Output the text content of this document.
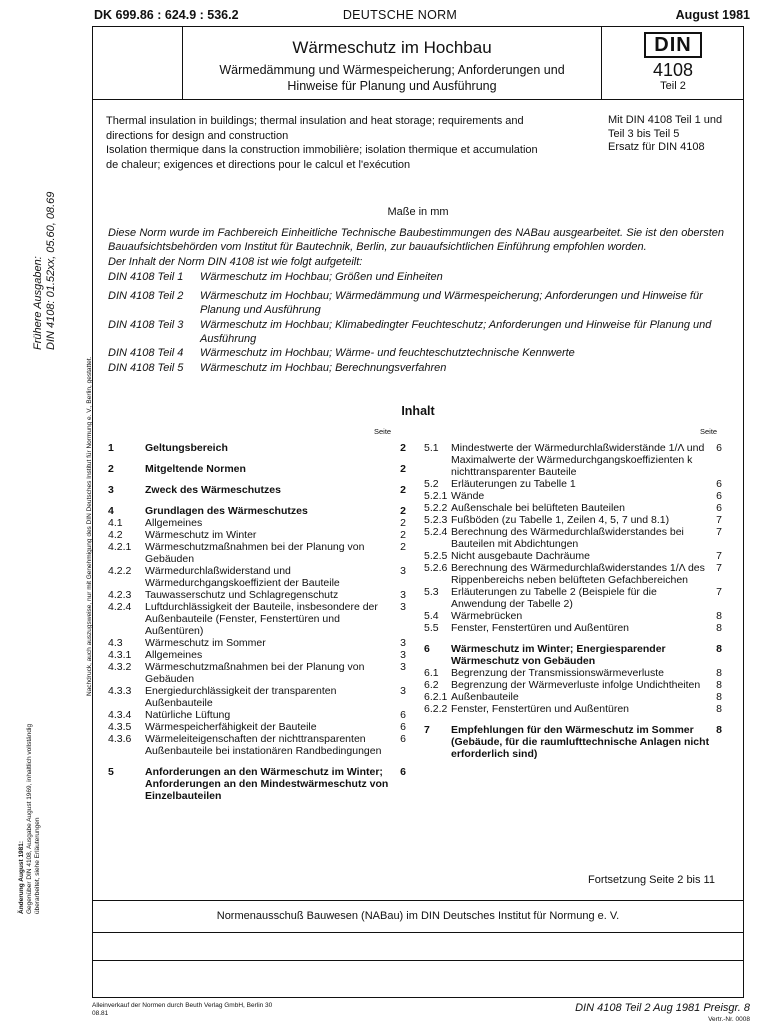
DK 699.86 : 624.9 : 536.2	DEUTSCHE NORM	August 1981
Wärmeschutz im Hochbau
Wärmedämmung und Wärmespeicherung; Anforderungen und
Hinweise für Planung und Ausführung
DIN
4108
Teil 2
Thermal insulation in buildings; thermal insulation and heat storage; requirements and
directions for design and construction
Isolation thermique dans la construction immobilière; isolation thermique et accumulation
de chaleur; exigences et directions pour le calcul et l'exécution
Mit DIN 4108 Teil 1 und
Teil 3 bis Teil 5
Ersatz für DIN 4108
Maße in mm
Diese Norm wurde im Fachbereich Einheitliche Technische Baubestimmungen des NABau ausgearbeitet. Sie ist den obersten Bauaufsichtsbehörden vom Institut für Bautechnik, Berlin, zur bauaufsichtlichen Einführung empfohlen worden.
Der Inhalt der Norm DIN 4108 ist wie folgt aufgeteilt:
DIN 4108 Teil 1	Wärmeschutz im Hochbau; Größen und Einheiten
DIN 4108 Teil 2	Wärmeschutz im Hochbau; Wärmedämmung und Wärmespeicherung; Anforderungen und Hinweise für Planung und Ausführung
DIN 4108 Teil 3	Wärmeschutz im Hochbau; Klimabedingter Feuchteschutz; Anforderungen und Hinweise für Planung und Ausführung
DIN 4108 Teil 4	Wärmeschutz im Hochbau; Wärme- und feuchteschutztechnische Kennwerte
DIN 4108 Teil 5	Wärmeschutz im Hochbau; Berechnungsverfahren
Inhalt
Seite	Seite
1	Geltungsbereich	2
2	Mitgeltende Normen	2
3	Zweck des Wärmeschutzes	2
4	Grundlagen des Wärmeschutzes	2
4.1	Allgemeines	2
4.2	Wärmeschutz im Winter	2
4.2.1	Wärmeschutzmaßnahmen bei der Planung von Gebäuden
2
4.2.2	Wärmedurchlaßwiderstand und Wärmedurchgangskoeffizient der Bauteile
3
4.2.3	Tauwasserschutz und Schlagregenschutz	3
4.2.4	Luftdurchlässigkeit der Bauteile, insbesondere der Außenbauteile (Fenster, Fenstertüren und Außentüren)
3
4.3	Wärmeschutz im Sommer	3
4.3.1	Allgemeines	3
4.3.2	Wärmeschutzmaßnahmen bei der Planung von Gebäuden
3
4.3.3	Energiedurchlässigkeit der transparenten Außenbauteile
3
4.3.4	Natürliche Lüftung	6
4.3.5	Wärmespeicherfähigkeit der Bauteile	6
4.3.6	Wärmeleiteigenschaften der nichttransparenten Außenbauteile bei instationären Randbedingungen
6
5	Anforderungen an den Wärmeschutz im Winter; Anforderungen an den Mindestwärmeschutz von Einzelbauteilen
6
5.1	Mindestwerte der Wärmedurchlaßwiderstände 1/Λ und Maximalwerte der Wärmedurchgangskoeffizienten k nichttransparenter Bauteile
6
5.2	Erläuterungen zu Tabelle 1	6
5.2.1 Wände	6
5.2.2 Außenschale bei belüfteten Bauteilen	6
5.2.3 Fußböden (zu Tabelle 1, Zeilen 4, 5, 7 und 8.1)	7
5.2.4 Berechnung des Wärmedurchlaßwiderstandes bei Bauteilen mit Abdichtungen
7
5.2.5 Nicht ausgebaute Dachräume	7
5.2.6 Berechnung des Wärmedurchlaßwiderstandes 1/Λ des Rippenbereichs neben belüfteten Gefachbereichen
7
5.3	Erläuterungen zu Tabelle 2 (Beispiele für die Anwendung der Tabelle 2)
7
5.4	Wärmebrücken	8
5.5	Fenster, Fenstertüren und Außentüren	8
6	Wärmeschutz im Winter; Energiesparender Wärmeschutz von Gebäuden
8
6.1	Begrenzung der Transmissionswärmeverluste	8
6.2	Begrenzung der Wärmeverluste infolge Undichtheiten	8
6.2.1 Außenbauteile	8
6.2.2 Fenster, Fenstertüren und Außentüren	8
7	Empfehlungen für den Wärmeschutz im Sommer (Gebäude, für die raumlufttechnische Anlagen nicht erforderlich sind)
8
Fortsetzung Seite 2 bis 11
Normenausschuß Bauwesen (NABau) im DIN Deutsches Institut für Normung e. V.
Alleinverkauf der Normen durch Beuth Verlag GmbH, Berlin 30
08.81	DIN 4108 Teil 2 Aug 1981 Preisgr. 8
Vertr.-Nr. 0008
Frühere Ausgaben: DIN 4108: 01.52xx, 05.60, 08.69
Nachdruck, auch auszugsweise, nur mit Genehmigung des DIN Deutsches Institut für Normung e. V., Berlin, gestattet.
Änderung August 1981: Gegenüber DIN 4108, Ausgabe August 1969, inhaltlich vollständig überarbeitet, siehe Erläuterungen
